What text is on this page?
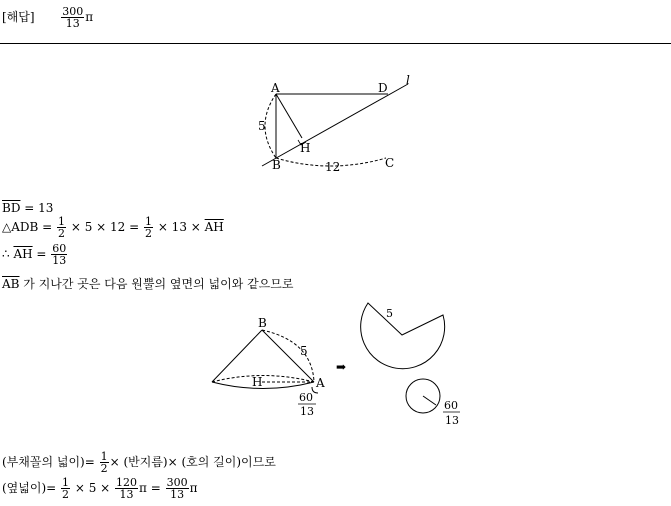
[해답] $\frac{300}{13}$ π
A	D
l
5
H
B	12	C
$\overline{BD} = 13$
△ADB = $\frac{1}{2} \times 5 \times 12 = \frac{1}{2} \times 13 \times \overline{AH}$
∴ $\overline{AH} = \frac{60}{13}$
$\overline{AB}$ 가 지나간 곳은 다음 원뿔의 옆면의 넓이와 같으므로
B
5
H	A
60
13
➡
5
60
13
(부채꼴의 넓이)= $\frac{1}{2}$ × (반지름)× (호의 길이)이므로
(옆넓이)= $\frac{1}{2} \times 5 \times \frac{120}{13}$ $\pi = \frac{300}{13}$ π
